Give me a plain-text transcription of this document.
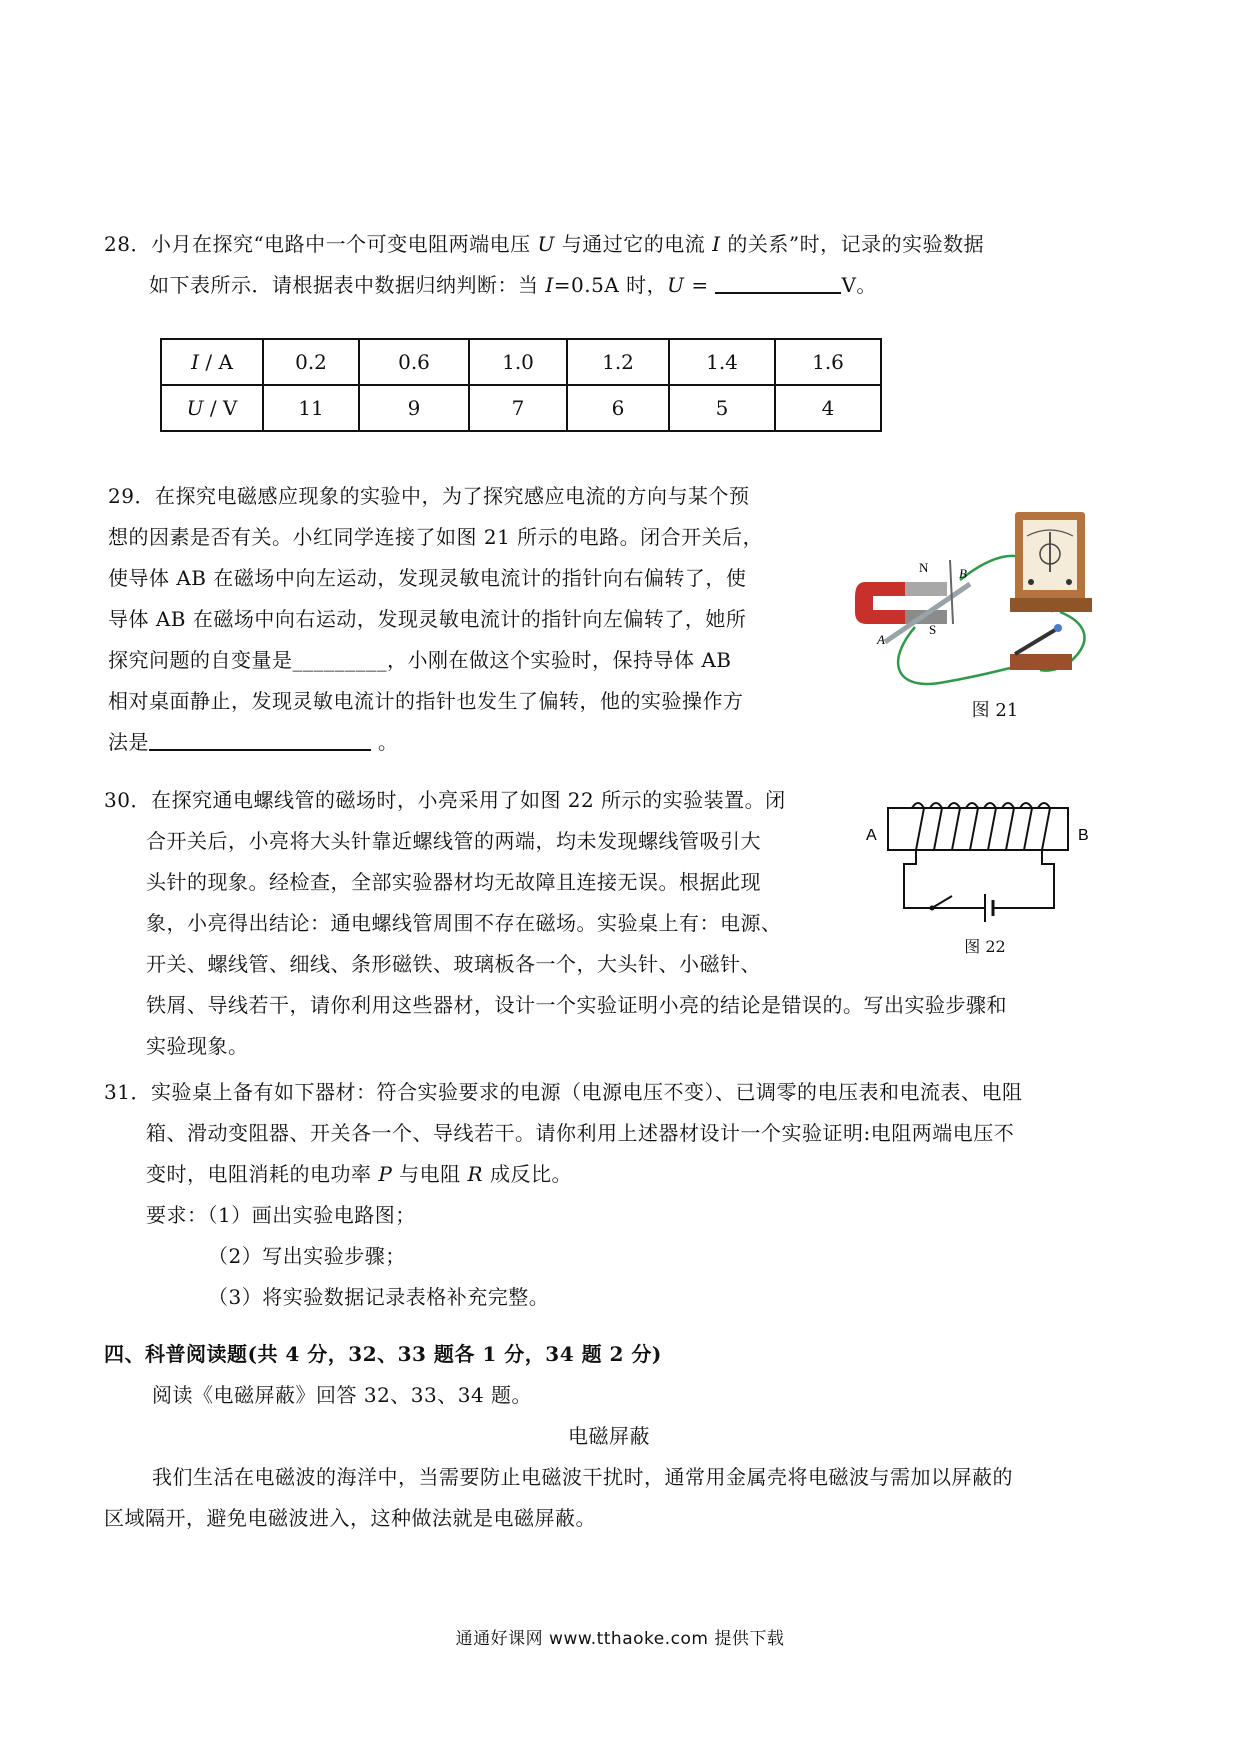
28．小月在探究“电路中一个可变电阻两端电压 U 与通过它的电流 I 的关系”时，记录的实验数据
如下表所示．请根据表中数据归纳判断：当 I=0.5A 时，U =	V。
I / A	0.2	0.6	1.0	1.2	1.4	1.6
U / V	11	9	7	6	5	4
29．在探究电磁感应现象的实验中，为了探究感应电流的方向与某个预
想的因素是否有关。小红同学连接了如图 21 所示的电路。闭合开关后，
使导体 AB 在磁场中向左运动，发现灵敏电流计的指针向右偏转了，使
导体 AB 在磁场中向右运动，发现灵敏电流计的指针向左偏转了，她所
探究问题的自变量是_________，小刚在做这个实验时，保持导体 AB
相对桌面静止，发现灵敏电流计的指针也发生了偏转，他的实验操作方
法是	。
N
S
A
B
图 21
30．在探究通电螺线管的磁场时，小亮采用了如图 22 所示的实验装置。闭
合开关后，小亮将大头针靠近螺线管的两端，均未发现螺线管吸引大
头针的现象。经检查，全部实验器材均无故障且连接无误。根据此现
象，小亮得出结论：通电螺线管周围不存在磁场。实验桌上有：电源、
开关、螺线管、细线、条形磁铁、玻璃板各一个，大头针、小磁针、
铁屑、导线若干，请你利用这些器材，设计一个实验证明小亮的结论是错误的。写出实验步骤和
实验现象。
A	B
图 22
31．实验桌上备有如下器材：符合实验要求的电源（电源电压不变）、已调零的电压表和电流表、电阻
箱、滑动变阻器、开关各一个、导线若干。请你利用上述器材设计一个实验证明:电阻两端电压不
变时，电阻消耗的电功率 P 与电阻 R 成反比。
要求：（1）画出实验电路图；
（2）写出实验步骤；
（3）将实验数据记录表格补充完整。
四、科普阅读题(共 4 分，32、33 题各 1 分，34 题 2 分)
阅读《电磁屏蔽》回答 32、33、34 题。
电磁屏蔽
我们生活在电磁波的海洋中，当需要防止电磁波干扰时，通常用金属壳将电磁波与需加以屏蔽的
区域隔开，避免电磁波进入，这种做法就是电磁屏蔽。
通通好课网 www.tthaoke.com 提供下载
